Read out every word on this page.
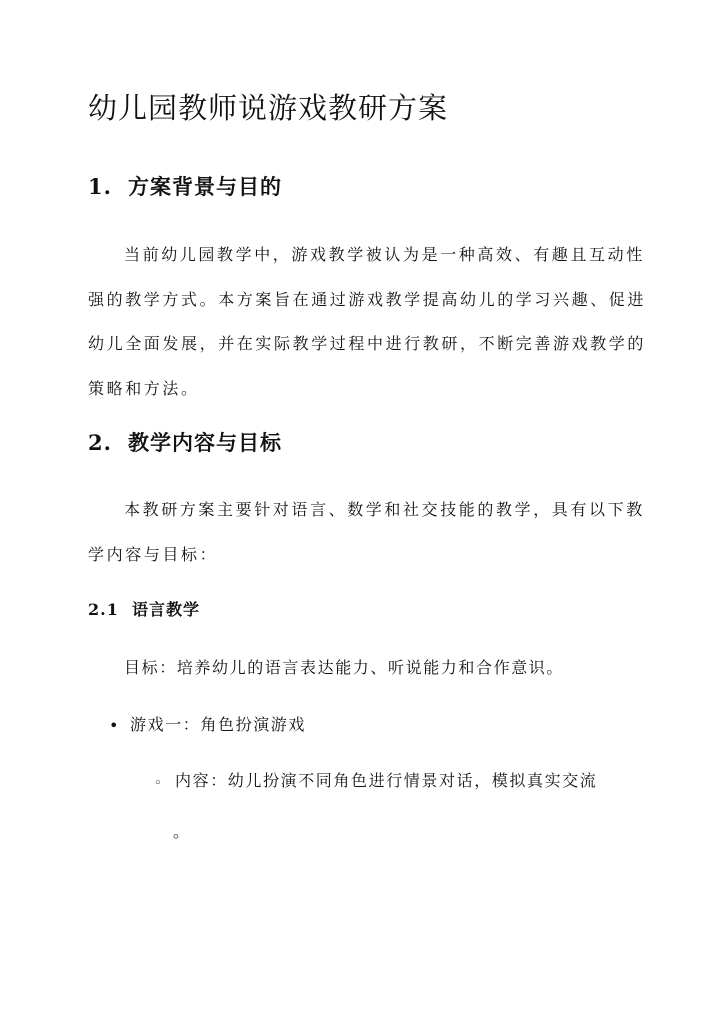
幼儿园教师说游戏教研方案
1. 方案背景与目的

当前幼儿园教学中，游戏教学被认为是一种高效、有趣且互动性强的教学方式。本方案旨在通过游戏教学提高幼儿的学习兴趣、促进幼儿全面发展，并在实际教学过程中进行教研，不断完善游戏教学的策略和方法。

2. 教学内容与目标

本教研方案主要针对语言、数学和社交技能的教学，具有以下教学内容与目标：

2.1 语言教学

目标：培养幼儿的语言表达能力、听说能力和合作意识。

• 游戏一：角色扮演游戏

◦ 内容：幼儿扮演不同角色进行情景对话，模拟真实交流

。
